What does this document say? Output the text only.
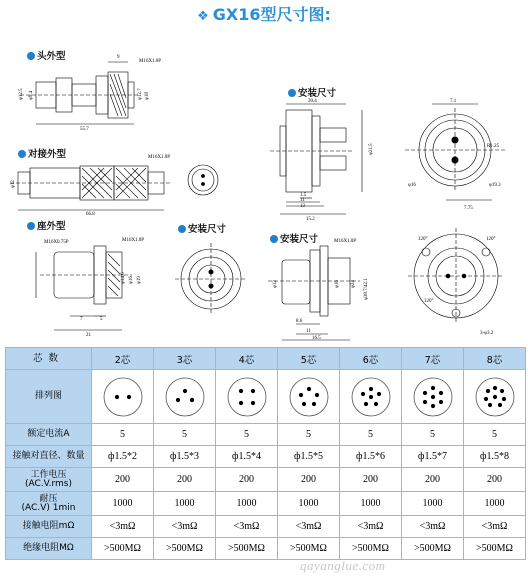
❖ GX16型尺寸图:
头外型
对接外型
座外型
安装尺寸
安装尺寸
安装尺寸
M16X1.0P
9
φ12.5 φ9.4	φ12.7 φ18
55.7
M16X1.0P
φ12
66.8
20.4
φ21.5
1.5
11
13
15.2
7.1
R1.25
φ16	φ19.3
7.75
M16X0.75P	M16X1.0P
φ14.6 φ16 φ19
7	5
21
M16X1.0P
φ12	φ16 φ24 φ38.7/42.1
8.6
11
16.5
120°	120°
120°
3-φ3.2
芯数	2芯	3芯	4芯	5芯	6芯	7芯	8芯
排列图	

额定电流A	5	5	5	5	5	5	5
接触对直径、数量	ф1.5*2	ф1.5*3	ф1.5*4	ф1.5*5	ф1.5*6	ф1.5*7	ф1.5*8
工作电压
(AC.V.rms)	200	200	200	200	200	200	200
耐压
(AC.V) 1min	1000	1000	1000	1000	1000	1000	1000
接触电阻mΩ	<3mΩ	<3mΩ	<3mΩ	<3mΩ	<3mΩ	<3mΩ	<3mΩ
绝缘电阻MΩ	>500MΩ	>500MΩ	>500MΩ	>500MΩ	>500MΩ	>500MΩ	>500MΩ
qayanglue.com
